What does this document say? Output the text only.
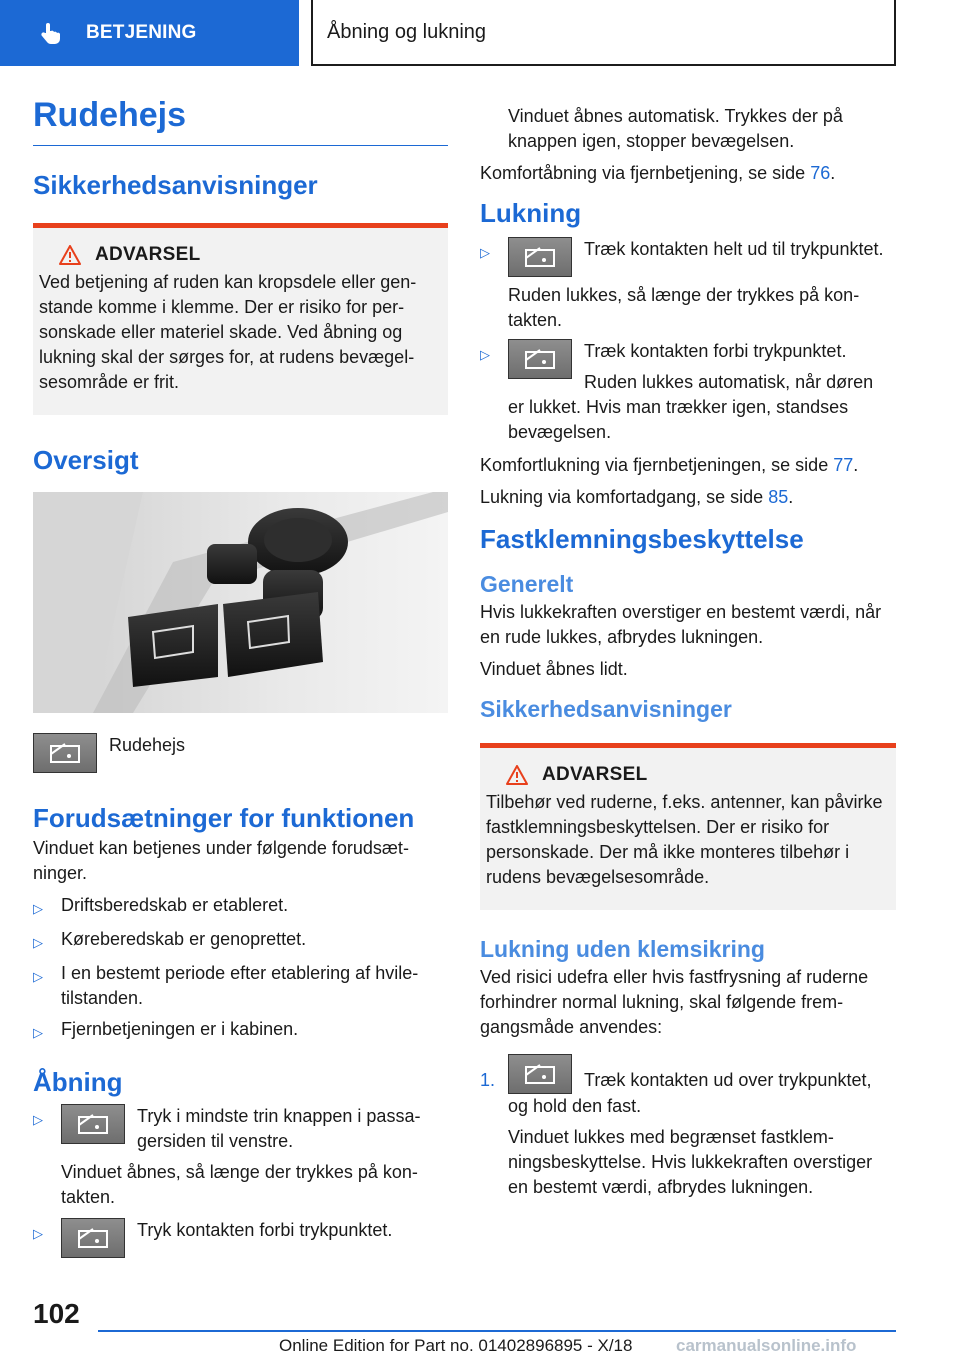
BETJENING	Åbning og lukning
Rudehejs
Sikkerhedsanvisninger
ADVARSEL

Ved betjening af ruden kan kropsdele eller genstande komme i klemme. Der er risiko for personskade eller materiel skade. Ved åbning og lukning skal der sørges for, at rudens bevægelsesområde er frit.

Oversigt
Rudehejs
Forudsætninger for funktionen

Vinduet kan betjenes under følgende forudsætninger.

▷	Driftsberedskab er etableret.
▷	Køreberedskab er genoprettet.
▷	I en bestemt periode efter etablering af hviletilstanden.
▷	Fjernbetjeningen er i kabinen.
Åbning
▷	Tryk i mindste trin knappen i passagersiden til venstre.
Vinduet åbnes, så længe der trykkes på kontakten.
▷	Tryk kontakten forbi trykpunktet.

Vinduet åbnes automatisk. Trykkes der på knappen igen, stopper bevægelsen.

Komfortåbning via fjernbetjening, se side 76.

Lukning
▷	Træk kontakten helt ud til trykpunktet.
Ruden lukkes, så længe der trykkes på kontakten.
▷	Træk kontakten forbi trykpunktet.
Ruden lukkes automatisk, når døren
er lukket. Hvis man trækker igen, standses bevægelsen.

Komfortlukning via fjernbetjeningen, se side 77.

Lukning via komfortadgang, se side 85.

Fastklemningsbeskyttelse
Generelt

Hvis lukkekraften overstiger en bestemt værdi, når en rude lukkes, afbrydes lukningen.

Vinduet åbnes lidt.

Sikkerhedsanvisninger
ADVARSEL

Tilbehør ved ruderne, f.eks. antenner, kan påvirke fastklemningsbeskyttelsen. Der er risiko for personskade. Der må ikke monteres tilbehør i rudens bevægelsesområde.

Lukning uden klemsikring

Ved risici udefra eller hvis fastfrysning af ruderne forhindrer normal lukning, skal følgende fremgangsmåde anvendes:

1.	Træk kontakten ud over trykpunktet,
og hold den fast.
Vinduet lukkes med begrænset fastklemningsbeskyttelse. Hvis lukkekraften overstiger en bestemt værdi, afbrydes lukningen.
102
Online Edition for Part no. 01402896895 - X/18	carmanualsonline.info
